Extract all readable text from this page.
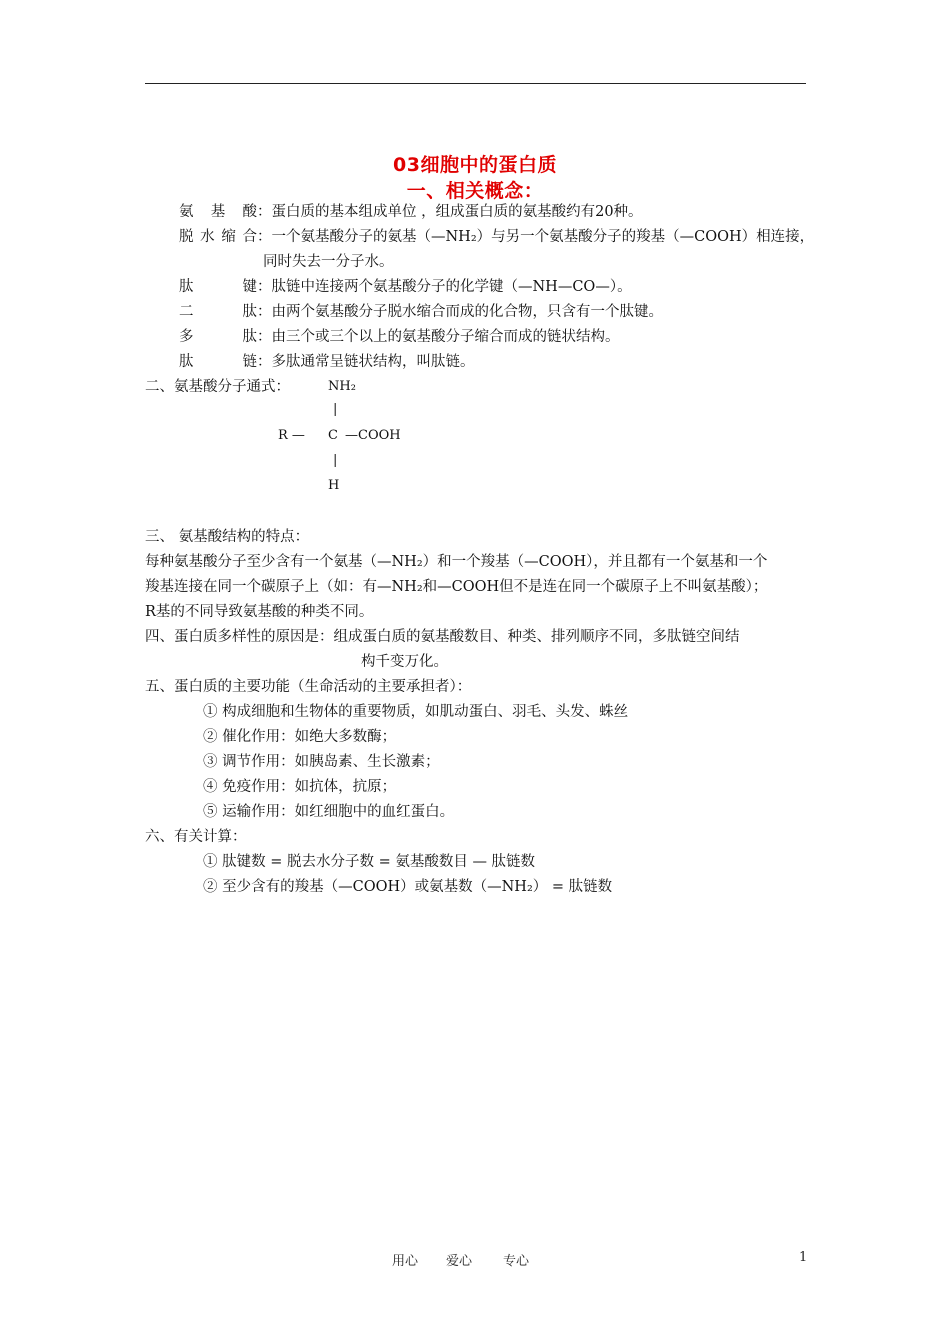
03细胞中的蛋白质
一、相关概念：
氨 基 酸：蛋白质的基本组成单位 ，组成蛋白质的氨基酸约有20种。
脱水缩合：一个氨基酸分子的氨基（—NH₂）与另一个氨基酸分子的羧基（—COOH）相连接，
同时失去一分子水。
肽　　键：肽链中连接两个氨基酸分子的化学键（—NH—CO—）。
二　　肽：由两个氨基酸分子脱水缩合而成的化合物，只含有一个肽键。
多　　肽：由三个或三个以上的氨基酸分子缩合而成的链状结构。
肽　　链：多肽通常呈链状结构，叫肽链。
二、氨基酸分子通式：	NH₂
|
R — C —COOH
|
H
三、 氨基酸结构的特点：
每种氨基酸分子至少含有一个氨基（—NH₂）和一个羧基（—COOH），并且都有一个氨基和一个
羧基连接在同一个碳原子上（如：有—NH₂和—COOH但不是连在同一个碳原子上不叫氨基酸）；
R基的不同导致氨基酸的种类不同。
四、蛋白质多样性的原因是：组成蛋白质的氨基酸数目、种类、排列顺序不同，多肽链空间结
构千变万化。
五、蛋白质的主要功能（生命活动的主要承担者）：
① 构成细胞和生物体的重要物质，如肌动蛋白、羽毛、头发、蛛丝
② 催化作用：如绝大多数酶；
③ 调节作用：如胰岛素、生长激素；
④ 免疫作用：如抗体，抗原；
⑤ 运输作用：如红细胞中的血红蛋白。
六、有关计算：
① 肽键数 = 脱去水分子数 = 氨基酸数目 — 肽链数
② 至少含有的羧基（—COOH）或氨基数（—NH₂） = 肽链数
用心 爱心 专心	1
